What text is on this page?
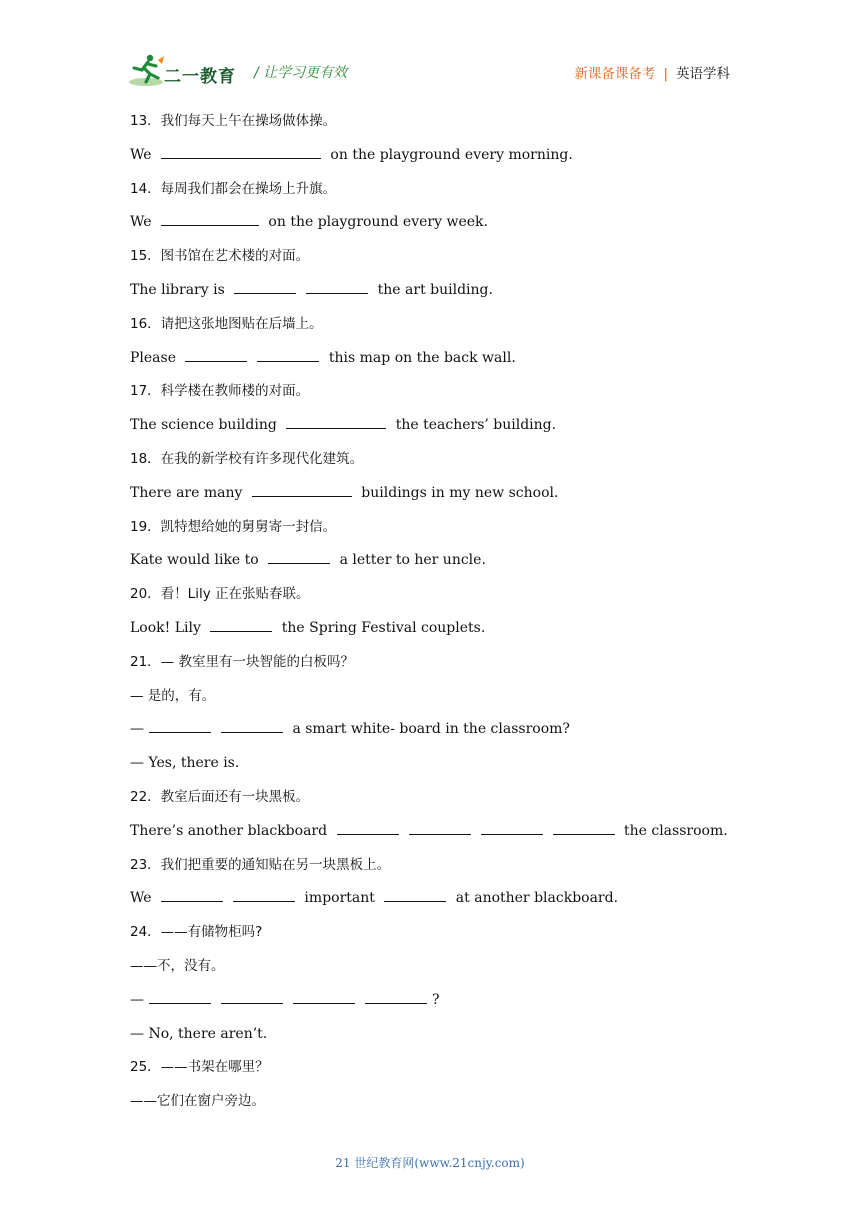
二一教育 / 让学习更有效	新课备课备考 | 英语学科
13．我们每天上午在操场做体操。
We	on the playground every morning.
14．每周我们都会在操场上升旗。
We	on the playground every week.
15．图书馆在艺术楼的对面。
The library is	the art building.
16．请把这张地图贴在后墙上。
Please	this map on the back wall.
17．科学楼在教师楼的对面。
The science building	the teachers’ building.
18．在我的新学校有许多现代化建筑。
There are many	buildings in my new school.
19．凯特想给她的舅舅寄一封信。
Kate would like to	a letter to her uncle.
20．看！Lily 正在张贴春联。
Look! Lily	the Spring Festival couplets.
21．— 教室里有一块智能的白板吗？
— 是的，有。
—	a smart white- board in the classroom?
— Yes, there is.
22．教室后面还有一块黑板。
There’s another blackboard	the classroom.
23．我们把重要的通知贴在另一块黑板上。
We	important	at another blackboard.
24．——有储物柜吗?
——不，没有。
—	?
— No, there aren’t.
25．——书架在哪里？
——它们在窗户旁边。
21 世纪教育网(www.21cnjy.com)
